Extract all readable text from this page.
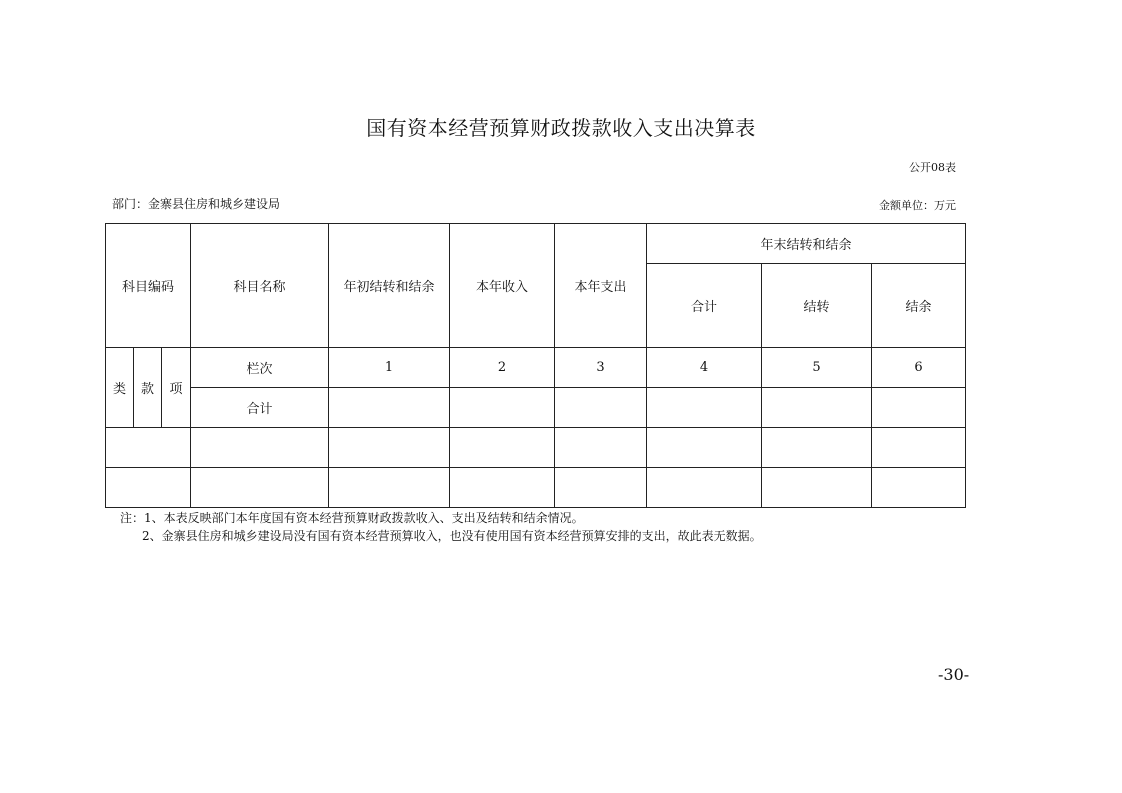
国有资本经营预算财政拨款收入支出决算表
公开08表
部门：金寨县住房和城乡建设局	金额单位：万元
科目编码			科目名称	年初结转和结余	本年收入	本年支出	年末结转和结余		
							合计	结转	结余

类	款	项	栏次	1	2	3	4	5	6
			合计						

注：1、本表反映部门本年度国有资本经营预算财政拨款收入、支出及结转和结余情况。
2、金寨县住房和城乡建设局没有国有资本经营预算收入，也没有使用国有资本经营预算安排的支出，故此表无数据。
-30-
